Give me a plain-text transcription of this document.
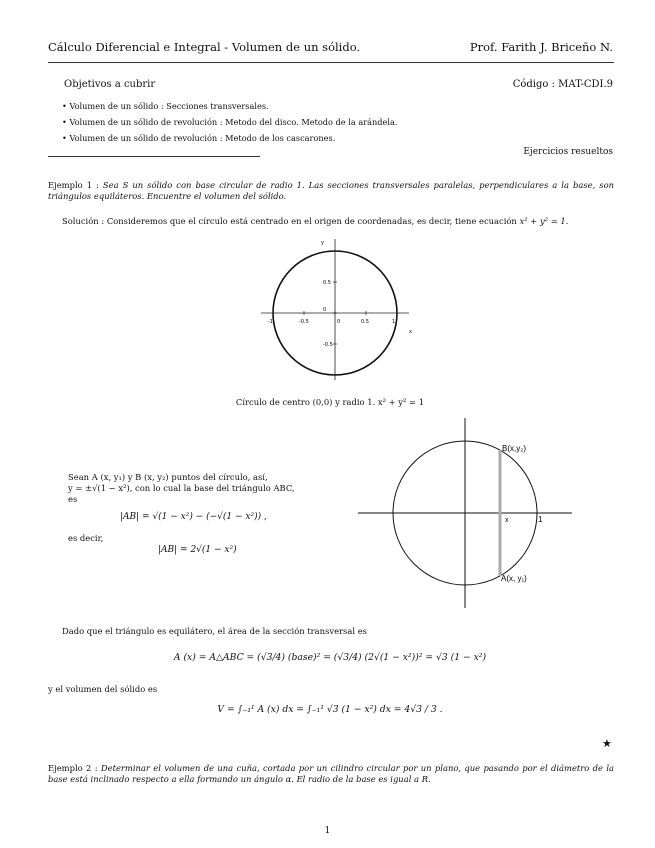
Cálculo Diferencial e Integral - Volumen de un sólido.	Prof. Farith J. Briceño N.
Objetivos a cubrir	Código : MAT-CDI.9
• Volumen de un sólido : Secciones transversales.
• Volumen de un sólido de revolución : Metodo del disco. Metodo de la arándela.
• Volumen de un sólido de revolución : Metodo de los cascarones.
Ejercicios resueltos
Ejemplo 1 : Sea S un sólido con base circular de radio 1. Las secciones transversales paralelas, perpendiculares a la base, son triángulos equiláteros. Encuentre el volumen del sólido.
Solución : Consideremos que el círculo está centrado en el origen de coordenadas, es decir, tiene ecuación x² + y² = 1.
-1	-0.5	0	0.5	1
0.5
0
-0.5
x
y
Círculo de centro (0,0) y radio 1. x² + y² = 1
Sean A (x, y₁) y B (x, y₂) puntos del círculo, así,
y = ±√(1 − x²), con lo cual la base del triángulo ABC,
es
|AB| = √(1 − x²) − (−√(1 − x²)) ,
es decir,
|AB| = 2√(1 − x²)
B(x,y₂)
A(x, y₁)
x	1
Dado que el triángulo es equilátero, el área de la sección transversal es
A (x) = A△ABC = (√3/4) (base)² = (√3/4) (2√(1 − x²))² = √3 (1 − x²)
y el volumen del sólido es
V = ∫₋₁¹ A (x) dx = ∫₋₁¹ √3 (1 − x²) dx = 4√3 / 3 .
★
Ejemplo 2 : Determinar el volumen de una cuña, cortada por un cilindro circular por un plano, que pasando por el diámetro de la base está inclinado respecto a ella formando un ángulo α. El radio de la base es igual a R.
1
